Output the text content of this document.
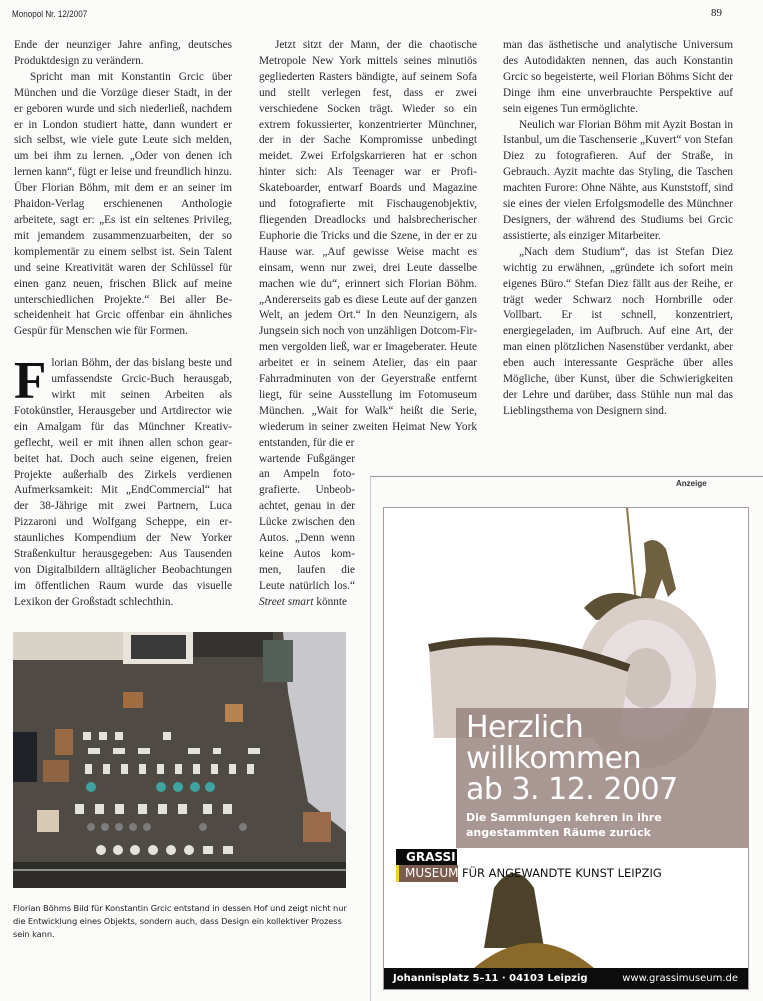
Monopol Nr. 12/2007	89

Ende der neunziger Jahre anfing, deutsches Produktdesign zu verändern.

Spricht man mit Konstantin Grcic über München und die Vorzüge dieser Stadt, in der er geboren wurde und sich niederließ, nachdem er in London studiert hatte, dann wundert er sich selbst, wie viele gute Leute sich melden, um bei ihm zu lernen. „Oder von denen ich lernen kann“, fügt er leise und freundlich hinzu. Über Florian Böhm, mit dem er an seiner im Phaidon-Verlag erschienenen Anthologie arbeitete, sagt er: „Es ist ein seltenes Privileg, mit jemandem zusammenzuarbeiten, der so komplementär zu einem selbst ist. Sein Talent und seine Kreativität waren der Schlüssel für einen ganz neuen, frischen Blick auf meine unterschiedlichen Projekte.“ Bei aller Bescheidenheit hat Grcic offenbar ein ähnliches Gespür für Menschen wie für Formen.

Florian Böhm, der das bislang beste und umfassendste Grcic-Buch herausgab, wirkt mit seinen Arbeiten als Fotokünstler, Herausgeber und Artdirector wie ein Amalgam für das Münchner Kreativgeflecht, weil er mit ihnen allen schon gearbeitet hat. Doch auch seine eigenen, freien Projekte außerhalb des Zirkels verdienen Aufmerksamkeit: Mit „EndCommercial“ hat der 38-Jährige mit zwei Partnern, Luca Pizzaroni und Wolfgang Scheppe, ein erstaunliches Kompendium der New Yorker Straßenkultur herausgegeben: Aus Tausenden von Digitalbildern alltäglicher Beobachtungen im öffentlichen Raum wurde das visuelle Lexikon der Großstadt schlechthin.

Jetzt sitzt der Mann, der die chaotische Metropole New York mittels seines minutiös gegliederten Rasters bändigte, auf seinem Sofa und stellt verlegen fest, dass er zwei verschiedene Socken trägt. Wieder so ein extrem fokussierter, konzentrierter Münchner, der in der Sache Kompromisse unbedingt meidet. Zwei Erfolgskarrieren hat er schon hinter sich: Als Teenager war er Profi-Skateboarder, entwarf Boards und Magazine und fotografierte mit Fischaugenobjektiv, fliegenden Dreadlocks und halsbrecherischer Euphorie die Tricks und die Szene, in der er zu Hause war. „Auf gewisse Weise macht es einsam, wenn nur zwei, drei Leute dasselbe machen wie du“, erinnert sich Florian Böhm. „Andererseits gab es diese Leute auf der ganzen Welt, an jedem Ort.“ In den Neunzigern, als Jungsein sich noch von unzähligen Dotcom-Firmen vergolden ließ, war er Imageberater. Heute arbeitet er in seinem Atelier, das ein paar Fahrradminuten von der Geyerstraße entfernt liegt, für seine Ausstellung im Fotomuseum München. „Wait for Walk“ heißt die Serie, wiederum in seiner zweiten Heimat New York entstanden, für die er

wartende Fußgänger an Ampeln fotografierte. Unbeobachtet, genau in der Lücke zwischen den Autos. „Denn wenn keine Autos kommen, laufen die Leute natürlich los.“ Street smart könnte

man das ästhetische und analytische Universum des Autodidakten nennen, das auch Konstantin Grcic so begeisterte, weil Florian Böhms Sicht der Dinge ihm eine unverbrauchte Perspektive auf sein eigenes Tun ermöglichte.

Neulich war Florian Böhm mit Ayzit Bostan in Istanbul, um die Taschenserie „Kuvert“ von Stefan Diez zu fotografieren. Auf der Straße, in Gebrauch. Ayzit machte das Styling, die Taschen machten Furore: Ohne Nähte, aus Kunststoff, sind sie eines der vielen Erfolgsmodelle des Münchner Designers, der während des Studiums bei Grcic assistierte, als einziger Mitarbeiter.

„Nach dem Studium“, das ist Stefan Diez wichtig zu erwähnen, „gründete ich sofort mein eigenes Büro.“ Stefan Diez fällt aus der Reihe, er trägt weder Schwarz noch Hornbrille oder Vollbart. Er ist schnell, konzentriert, energiegeladen, im Aufbruch. Auf eine Art, der man einen plötzlichen Nasenstüber verdankt, aber eben auch interessante Gespräche über alles Mögliche, über Kunst, über die Schwierigkeiten der Lehre und darüber, dass Stühle nun mal das Lieblingsthema von Designern sind.

Florian Böhms Bild für Konstantin Grcic entstand in dessen Hof und zeigt nicht nur die Entwicklung eines Objekts, sondern auch, dass Design ein kollektiver Prozess sein kann.
Anzeige
Herzlich
willkommen
ab 3. 12. 2007
Die Sammlungen kehren in ihre
angestammten Räume zurück
GRASSI
MUSEUM FÜR ANGEWANDTE KUNST LEIPZIG
Johannisplatz 5–11 · 04103 Leipzig	www.grassimuseum.de
